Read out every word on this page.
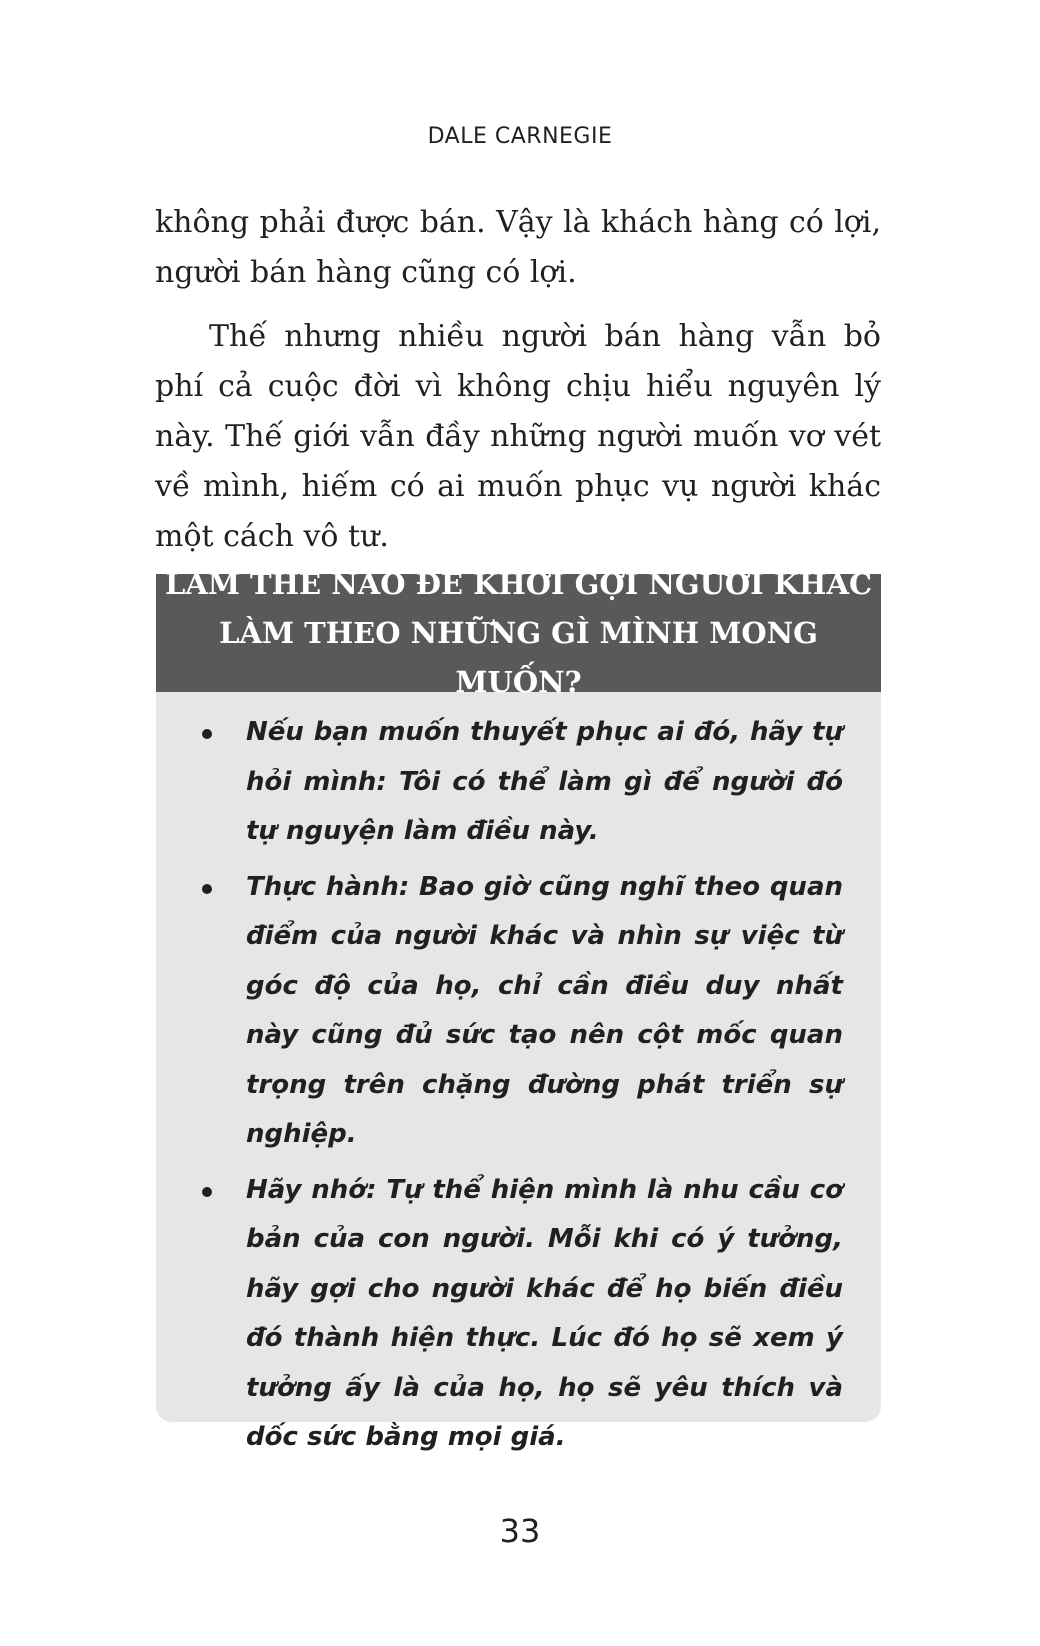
DALE CARNEGIE

không phải được bán. Vậy là khách hàng có lợi, người bán hàng cũng có lợi.

Thế nhưng nhiều người bán hàng vẫn bỏ phí cả cuộc đời vì không chịu hiểu nguyên lý này. Thế giới vẫn đầy những người muốn vơ vét về mình, hiếm có ai muốn phục vụ người khác một cách vô tư.

LÀM THẾ NÀO ĐỂ KHƠI GỢI NGƯỜI KHÁC
LÀM THEO NHỮNG GÌ MÌNH MONG MUỐN?
Nếu bạn muốn thuyết phục ai đó, hãy tự hỏi mình: Tôi có thể làm gì để người đó tự nguyện làm điều này.
Thực hành: Bao giờ cũng nghĩ theo quan điểm của người khác và nhìn sự việc từ góc độ của họ, chỉ cần điều duy nhất này cũng đủ sức tạo nên cột mốc quan trọng trên chặng đường phát triển sự nghiệp.
Hãy nhớ: Tự thể hiện mình là nhu cầu cơ bản của con người. Mỗi khi có ý tưởng, hãy gợi cho người khác để họ biến điều đó thành hiện thực. Lúc đó họ sẽ xem ý tưởng ấy là của họ, họ sẽ yêu thích và dốc sức bằng mọi giá.
33
